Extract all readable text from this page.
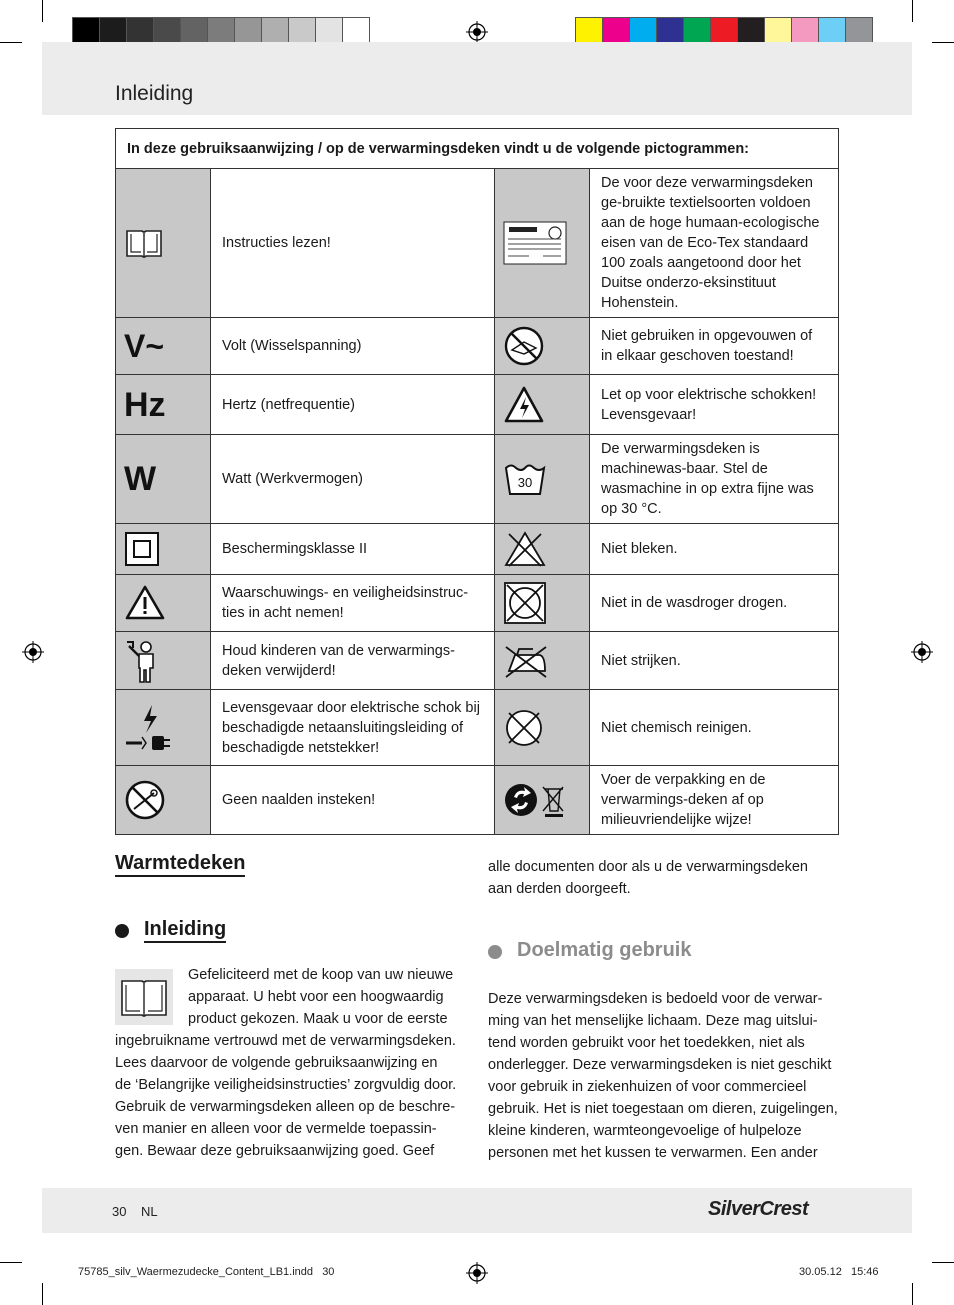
Inleiding
In deze gebruiksaanwijzing / op de verwarmingsdeken vindt u de volgende pictogrammen:			

	Instructies lezen!		De voor deze verwarmingsdeken ge-bruikte textielsoorten voldoen aan de hoge humaan-ecologische eisen van de Eco-Tex standaard 100 zoals aangetoond door het Duitse onderzo-eksinstituut Hohenstein.

V~	Volt (Wisselspanning)		Niet gebruiken in opgevouwen of in elkaar geschoven toestand!

Hz	Hertz (netfrequentie)		Let op voor elektrische schokken! Levensgevaar!

W	Watt (Werkvermogen)	30	De verwarmingsdeken is machinewas-baar. Stel de wasmachine in op extra fijne was op 30 °C.

	Beschermingsklasse II		Niet bleken.

	Waarschuwings- en veiligheidsinstruc-ties in acht nemen!		Niet in de wasdroger drogen.

	Houd kinderen van de verwarmings-deken verwijderd!		Niet strijken.

	Levensgevaar door elektrische schok bij beschadigde netaansluitingsleiding of beschadigde netstekker!		Niet chemisch reinigen.

	Geen naalden insteken!		Voer de verpakking en de verwarmings-deken af op milieuvriendelijke wijze!
Warmtedeken
Inleiding
Gefeliciteerd met de koop van uw nieuwe
apparaat. U hebt voor een hoogwaardig
product gekozen. Maak u voor de eerste
ingebruikname vertrouwd met de verwarmingsdeken.
Lees daarvoor de volgende gebruiksaanwijzing en
de ‘Belangrijke veiligheidsinstructies’ zorgvuldig door.
Gebruik de verwarmingsdeken alleen op de beschre-
ven manier en alleen voor de vermelde toepassin-
gen. Bewaar deze gebruiksaanwijzing goed. Geef
alle documenten door als u de verwarmingsdeken
aan derden doorgeeft.
Doelmatig gebruik
Deze verwarmingsdeken is bedoeld voor de verwar-
ming van het menselijke lichaam. Deze mag uitslui-
tend worden gebruikt voor het toedekken, niet als
onderlegger. Deze verwarmingsdeken is niet geschikt
voor gebruik in ziekenhuizen of voor commercieel
gebruik. Het is niet toegestaan om dieren, zuigelingen,
kleine kinderen, warmteongevoelige of hulpeloze
personen met het kussen te verwarmen. Een ander
30 NL	SilverCrest
75785_silv_Waermezudecke_Content_LB1.indd   30	30.05.12   15:46
